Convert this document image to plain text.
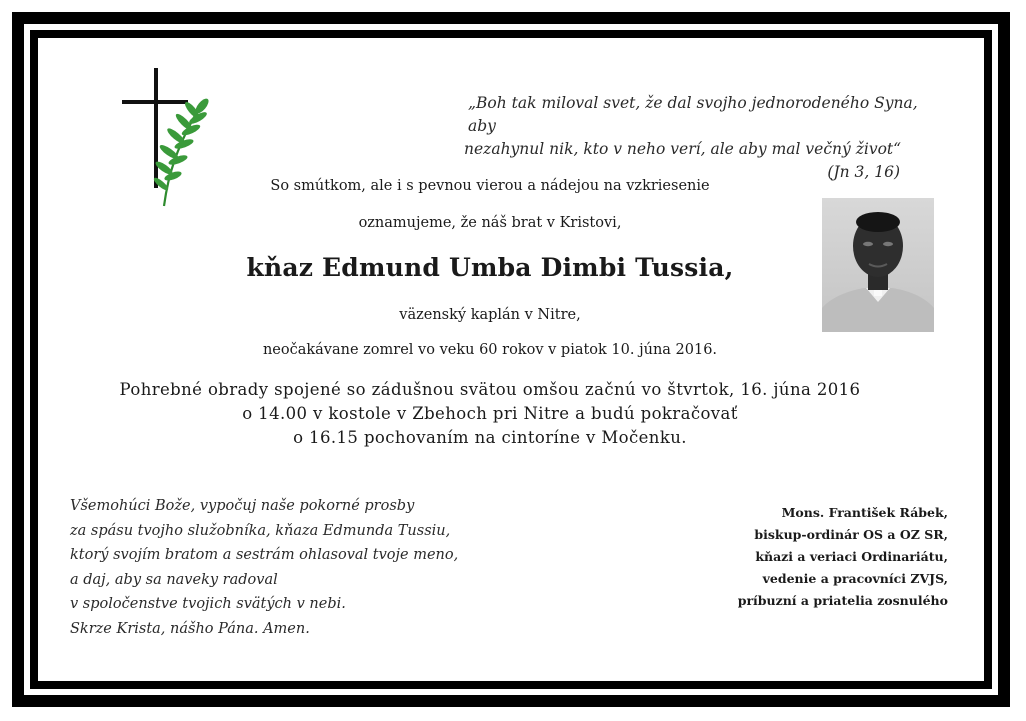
„Boh tak miloval svet, že dal svojho jednorodeného Syna, aby
nezahynul nik, kto v neho verí, ale aby mal večný život“
(Jn 3, 16)
So smútkom, ale i s pevnou vierou a nádejou na vzkriesenie
oznamujeme, že náš brat v Kristovi,
kňaz Edmund Umba Dimbi Tussia,
väzenský kaplán v Nitre,
neočakávane zomrel vo veku 60 rokov v piatok 10. júna 2016.
Pohrebné obrady spojené so zádušnou svätou omšou začnú vo štvrtok, 16. júna 2016
o 14.00 v kostole v Zbehoch pri Nitre a budú pokračovať
o 16.15 pochovaním na cintoríne v Močenku.
Všemohúci Bože, vypočuj naše pokorné prosby
za spásu tvojho služobníka, kňaza Edmunda Tussiu,
ktorý svojím bratom a sestrám ohlasoval tvoje meno,
a daj, aby sa naveky radoval
v spoločenstve tvojich svätých v nebi.
Skrze Krista, nášho Pána. Amen.
Mons. František Rábek,
biskup-ordinár OS a OZ SR,
kňazi a veriaci Ordinariátu,
vedenie a pracovníci ZVJS,
príbuzní a priatelia zosnulého
